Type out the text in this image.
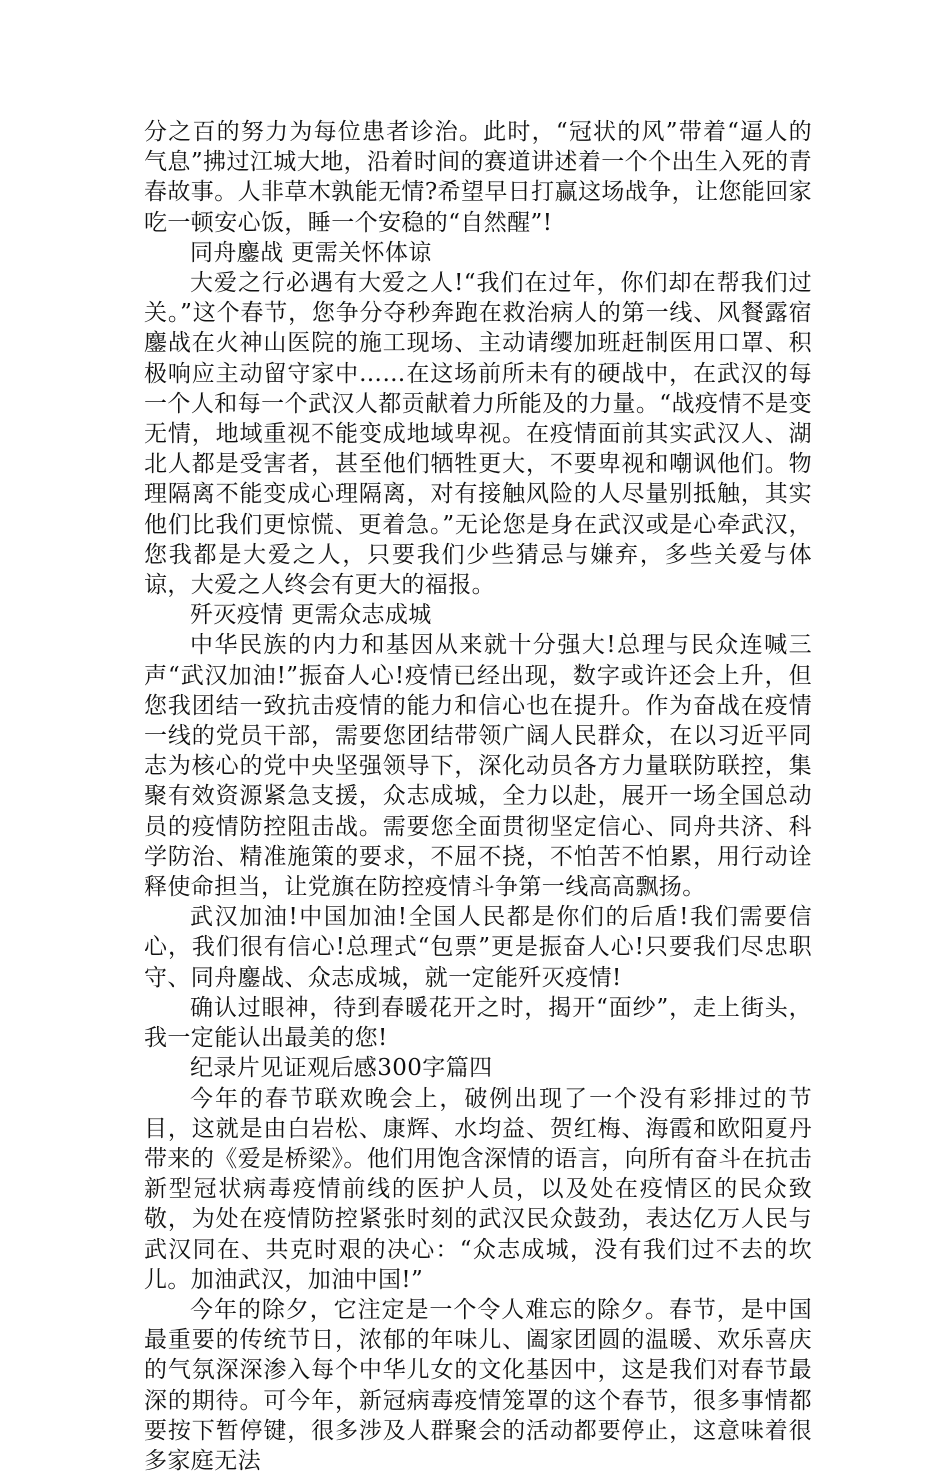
分之百的努力为每位患者诊治。此时，“冠状的风”带着“逼人的气息”拂过江城大地，沿着时间的赛道讲述着一个个出生入死的青春故事。人非草木孰能无情?希望早日打赢这场战争，让您能回家吃一顿安心饭，睡一个安稳的“自然醒”!

同舟鏖战 更需关怀体谅

大爱之行必遇有大爱之人!“我们在过年，你们却在帮我们过关。”这个春节，您争分夺秒奔跑在救治病人的第一线、风餐露宿鏖战在火神山医院的施工现场、主动请缨加班赶制医用口罩、积极响应主动留守家中……在这场前所未有的硬战中，在武汉的每一个人和每一个武汉人都贡献着力所能及的力量。“战疫情不是变无情，地域重视不能变成地域卑视。在疫情面前其实武汉人、湖北人都是受害者，甚至他们牺牲更大，不要卑视和嘲讽他们。物理隔离不能变成心理隔离，对有接触风险的人尽量别抵触，其实他们比我们更惊慌、更着急。”无论您是身在武汉或是心牵武汉，您我都是大爱之人，只要我们少些猜忌与嫌弃，多些关爱与体谅，大爱之人终会有更大的福报。

歼灭疫情 更需众志成城

中华民族的内力和基因从来就十分强大!总理与民众连喊三声“武汉加油!”振奋人心!疫情已经出现，数字或许还会上升，但您我团结一致抗击疫情的能力和信心也在提升。作为奋战在疫情一线的党员干部，需要您团结带领广阔人民群众，在以习近平同志为核心的党中央坚强领导下，深化动员各方力量联防联控，集聚有效资源紧急支援，众志成城，全力以赴，展开一场全国总动员的疫情防控阻击战。需要您全面贯彻坚定信心、同舟共济、科学防治、精准施策的要求，不屈不挠，不怕苦不怕累，用行动诠释使命担当，让党旗在防控疫情斗争第一线高高飘扬。

武汉加油!中国加油!全国人民都是你们的后盾!我们需要信心，我们很有信心!总理式“包票”更是振奋人心!只要我们尽忠职守、同舟鏖战、众志成城，就一定能歼灭疫情!

确认过眼神，待到春暖花开之时，揭开“面纱”，走上街头，我一定能认出最美的您!

纪录片见证观后感300字篇四

今年的春节联欢晚会上，破例出现了一个没有彩排过的节目，这就是由白岩松、康辉、水均益、贺红梅、海霞和欧阳夏丹带来的《爱是桥梁》。他们用饱含深情的语言，向所有奋斗在抗击新型冠状病毒疫情前线的医护人员，以及处在疫情区的民众致敬，为处在疫情防控紧张时刻的武汉民众鼓劲，表达亿万人民与武汉同在、共克时艰的决心：“众志成城，没有我们过不去的坎儿。加油武汉，加油中国!”

今年的除夕，它注定是一个令人难忘的除夕。春节，是中国最重要的传统节日，浓郁的年味儿、阖家团圆的温暖、欢乐喜庆的气氛深深渗入每个中华儿女的文化基因中，这是我们对春节最深的期待。可今年，新冠病毒疫情笼罩的这个春节，很多事情都要按下暂停键，很多涉及人群聚会的活动都要停止，这意味着很多家庭无法
